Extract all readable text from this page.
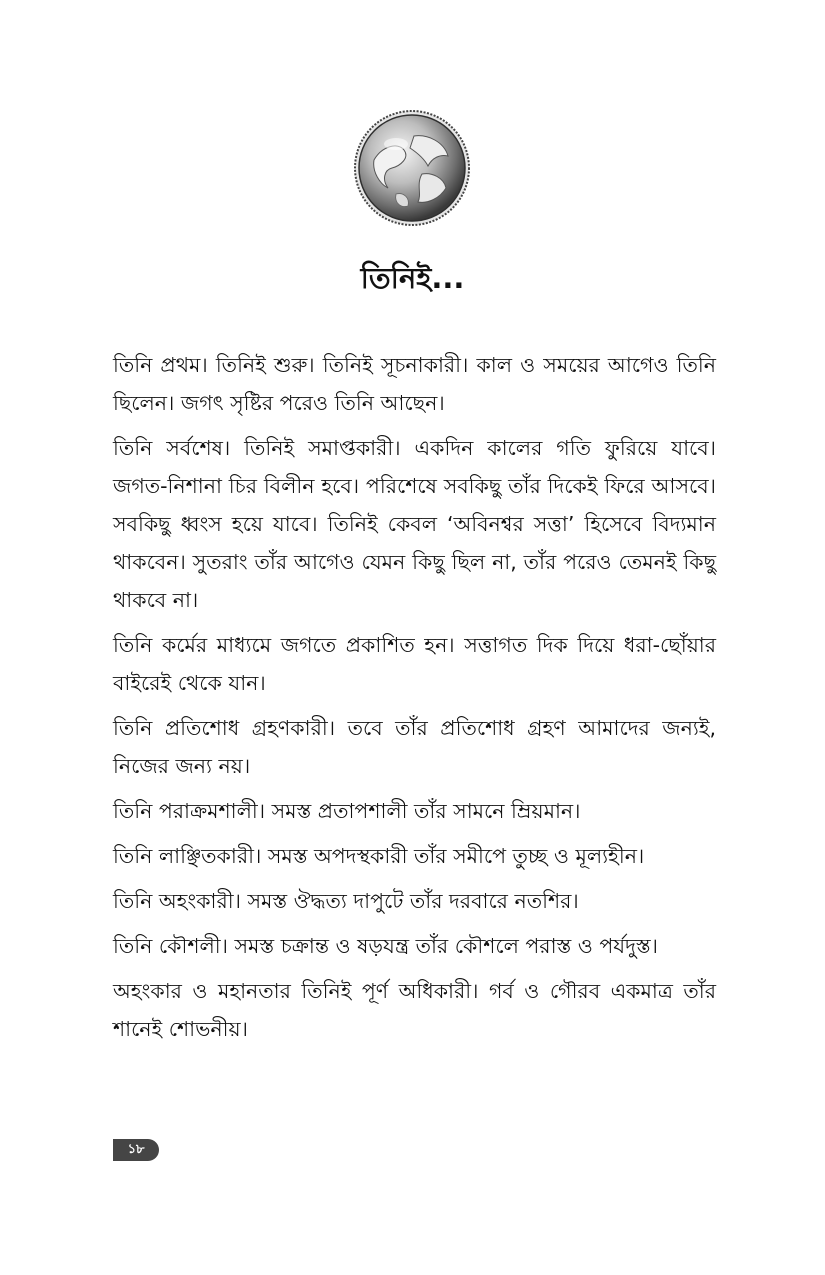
তিনিই...

তিনি প্রথম। তিনিই শুরু। তিনিই সূচনাকারী। কাল ও সময়ের আগেও তিনি ছিলেন। জগৎ সৃষ্টির পরেও তিনি আছেন।

তিনি সর্বশেষ। তিনিই সমাপ্তকারী। একদিন কালের গতি ফুরিয়ে যাবে। জগত-নিশানা চির বিলীন হবে। পরিশেষে সবকিছু তাঁর দিকেই ফিরে আসবে। সবকিছু ধ্বংস হয়ে যাবে। তিনিই কেবল ‘অবিনশ্বর সত্তা’ হিসেবে বিদ্যমান থাকবেন। সুতরাং তাঁর আগেও যেমন কিছু ছিল না, তাঁর পরেও তেমনই কিছু থাকবে না।

তিনি কর্মের মাধ্যমে জগতে প্রকাশিত হন। সত্তাগত দিক দিয়ে ধরা-ছোঁয়ার বাইরেই থেকে যান।

তিনি প্রতিশোধ গ্রহণকারী। তবে তাঁর প্রতিশোধ গ্রহণ আমাদের জন্যই, নিজের জন্য নয়।

তিনি পরাক্রমশালী। সমস্ত প্রতাপশালী তাঁর সামনে ম্রিয়মান।

তিনি লাঞ্ছিতকারী। সমস্ত অপদস্থকারী তাঁর সমীপে তুচ্ছ ও মূল্যহীন।

তিনি অহংকারী। সমস্ত ঔদ্ধত্য দাপুটে তাঁর দরবারে নতশির।

তিনি কৌশলী। সমস্ত চক্রান্ত ও ষড়যন্ত্র তাঁর কৌশলে পরাস্ত ও পর্যদুস্ত।

অহংকার ও মহানতার তিনিই পূর্ণ অধিকারী। গর্ব ও গৌরব একমাত্র তাঁর শানেই শোভনীয়।

১৮
